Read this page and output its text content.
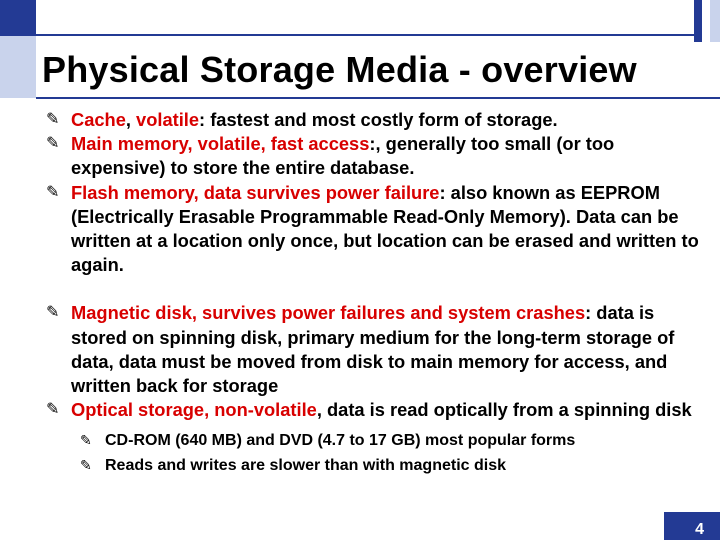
Physical Storage Media - overview
✎ Cache, volatile: fastest and most costly form of storage.
✎ Main memory, volatile, fast access:, generally too small (or too expensive) to store the entire database.
✎ Flash memory, data survives power failure: also known as EEPROM (Electrically Erasable Programmable Read-Only Memory). Data can be written at a location only once, but location can be erased and written to again.
✎ Magnetic disk, survives power failures and system crashes: data is stored on spinning disk, primary medium for the long-term storage of data, data must be moved from disk to main memory for access, and written back for storage
✎ Optical storage, non-volatile, data is read optically from a spinning disk
✎ CD-ROM (640 MB) and DVD (4.7 to 17 GB) most popular forms
✎ Reads and writes are slower than with magnetic disk
4
